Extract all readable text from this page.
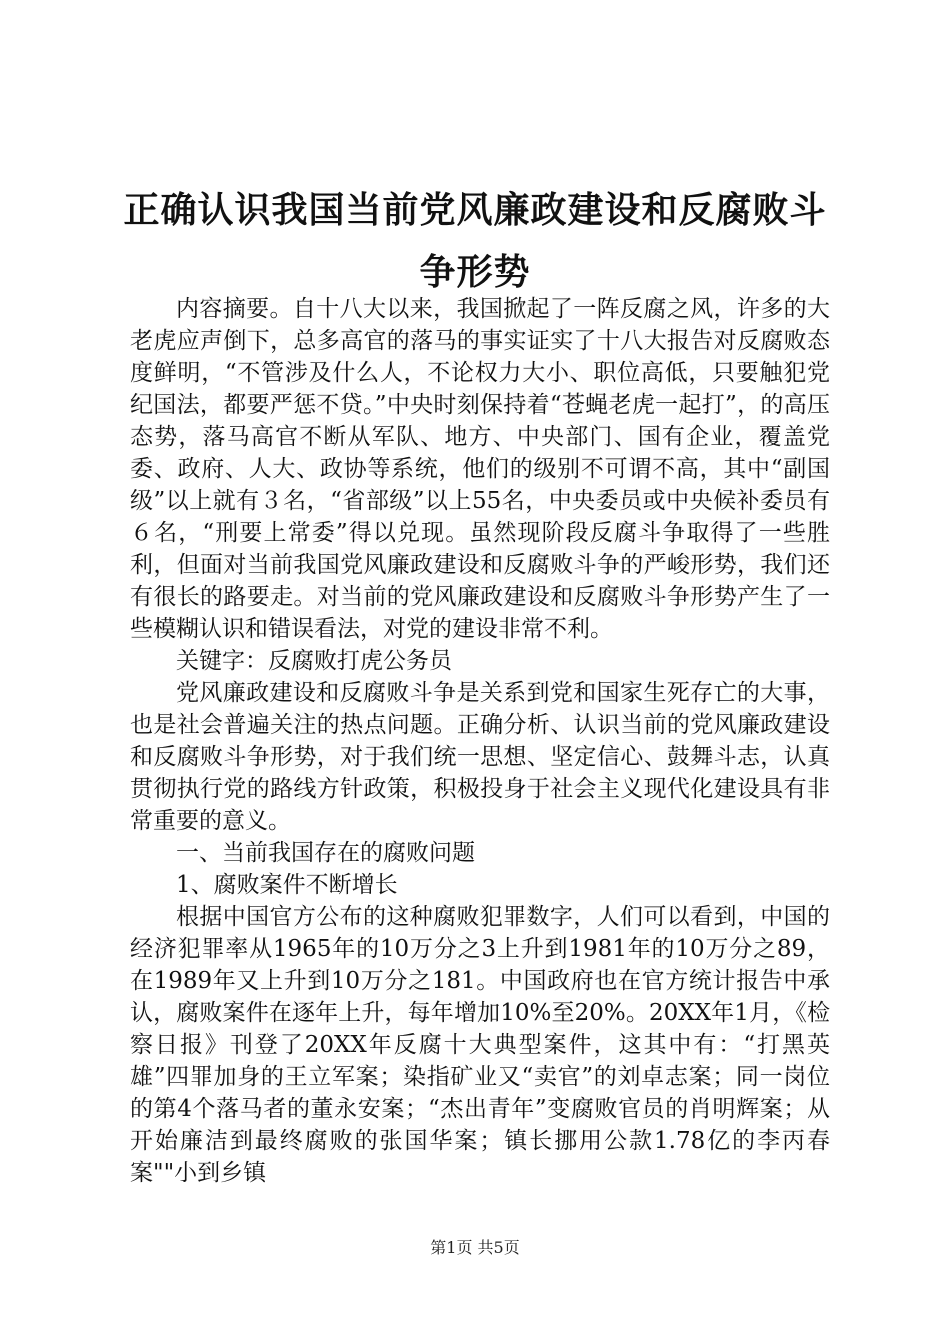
正确认识我国当前党风廉政建设和反腐败斗争形势

内容摘要。自十八大以来，我国掀起了一阵反腐之风，许多的大老虎应声倒下，总多高官的落马的事实证实了十八大报告对反腐败态度鲜明，“不管涉及什么人，不论权力大小、职位高低，只要触犯党纪国法，都要严惩不贷。”中央时刻保持着“苍蝇老虎一起打”，的高压态势，落马高官不断从军队、地方、中央部门、国有企业，覆盖党委、政府、人大、政协等系统，他们的级别不可谓不高，其中“副国级”以上就有３名，“省部级”以上55名，中央委员或中央候补委员有６名，“刑要上常委”得以兑现。虽然现阶段反腐斗争取得了一些胜利，但面对当前我国党风廉政建设和反腐败斗争的严峻形势，我们还有很长的路要走。对当前的党风廉政建设和反腐败斗争形势产生了一些模糊认识和错误看法，对党的建设非常不利。

关键字：反腐败打虎公务员

党风廉政建设和反腐败斗争是关系到党和国家生死存亡的大事，也是社会普遍关注的热点问题。正确分析、认识当前的党风廉政建设和反腐败斗争形势，对于我们统一思想、坚定信心、鼓舞斗志，认真贯彻执行党的路线方针政策，积极投身于社会主义现代化建设具有非常重要的意义。

一、当前我国存在的腐败问题

1、腐败案件不断增长

根据中国官方公布的这种腐败犯罪数字，人们可以看到，中国的经济犯罪率从1965年的10万分之3上升到1981年的10万分之89，在1989年又上升到10万分之181。中国政府也在官方统计报告中承认，腐败案件在逐年上升，每年增加10%至20%。20XX年1月，《检察日报》刊登了20XX年反腐十大典型案件，这其中有：“打黑英雄”四罪加身的王立军案；染指矿业又“卖官”的刘卓志案；同一岗位的第4个落马者的董永安案；“杰出青年”变腐败官员的肖明辉案；从开始廉洁到最终腐败的张国华案；镇长挪用公款1.78亿的李丙春案""小到乡镇

第1页 共5页
